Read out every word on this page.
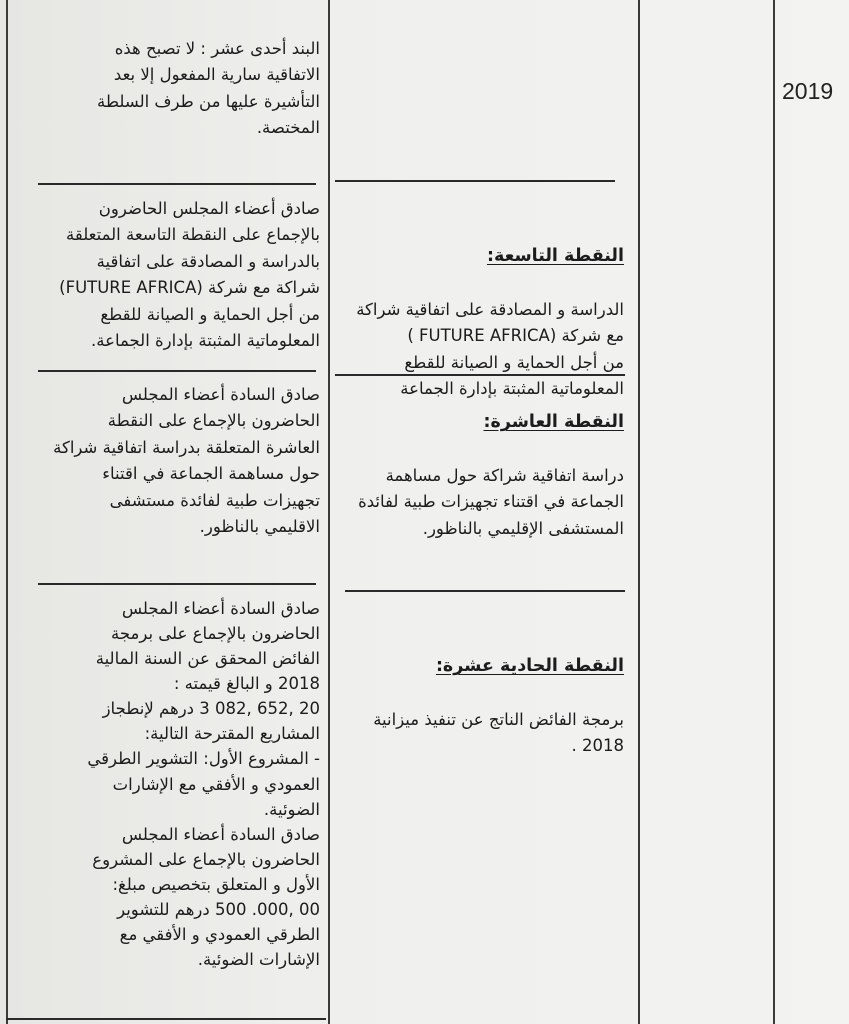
البند أحدى عشر : لا تصبح هذه
الاتفاقية سارية المفعول إلا بعد
التأشيرة عليها من طرف السلطة
المختصة.
صادق أعضاء المجلس الحاضرون
بالإجماع على النقطة التاسعة المتعلقة
بالدراسة و المصادقة على اتفاقية
شراكة مع شركة (FUTURE AFRICA)
من أجل الحماية و الصيانة للقطع
المعلوماتية المثبتة بإدارة الجماعة.
صادق السادة أعضاء المجلس
الحاضرون بالإجماع على النقطة
العاشرة المتعلقة بدراسة اتفاقية شراكة
حول مساهمة الجماعة في اقتناء
تجهيزات طبية لفائدة مستشفى
الاقليمي بالناظور.
صادق السادة أعضاء المجلس
الحاضرون بالإجماع على برمجة
الفائض المحقق عن السنة المالية
2018 و البالغ قيمته :
20 ,652 ,082 3 درهم لإنطجاز
المشاريع المقترحة التالية:
- المشروع الأول: التشوير الطرقي
العمودي و الأفقي مع الإشارات
الضوئية.
صادق السادة أعضاء المجلس
الحاضرون بالإجماع على المشروع
الأول و المتعلق بتخصيص مبلغ:
00 ,000. 500 درهم للتشوير
الطرقي العمودي و الأفقي مع
الإشارات الضوئية.

النقطة التاسعة:

الدراسة و المصادقة على اتفاقية شراكة
مع شركة (FUTURE AFRICA )
من أجل الحماية و الصيانة للقطع
المعلوماتية المثبتة بإدارة الجماعة

النقطة العاشرة:

دراسة اتفاقية شراكة حول مساهمة
الجماعة في اقتناء تجهيزات طبية لفائدة
المستشفى الإقليمي بالناظور.

النقطة الحادية عشرة:

برمجة الفائض الناتج عن تنفيذ ميزانية
2018 .

2019
